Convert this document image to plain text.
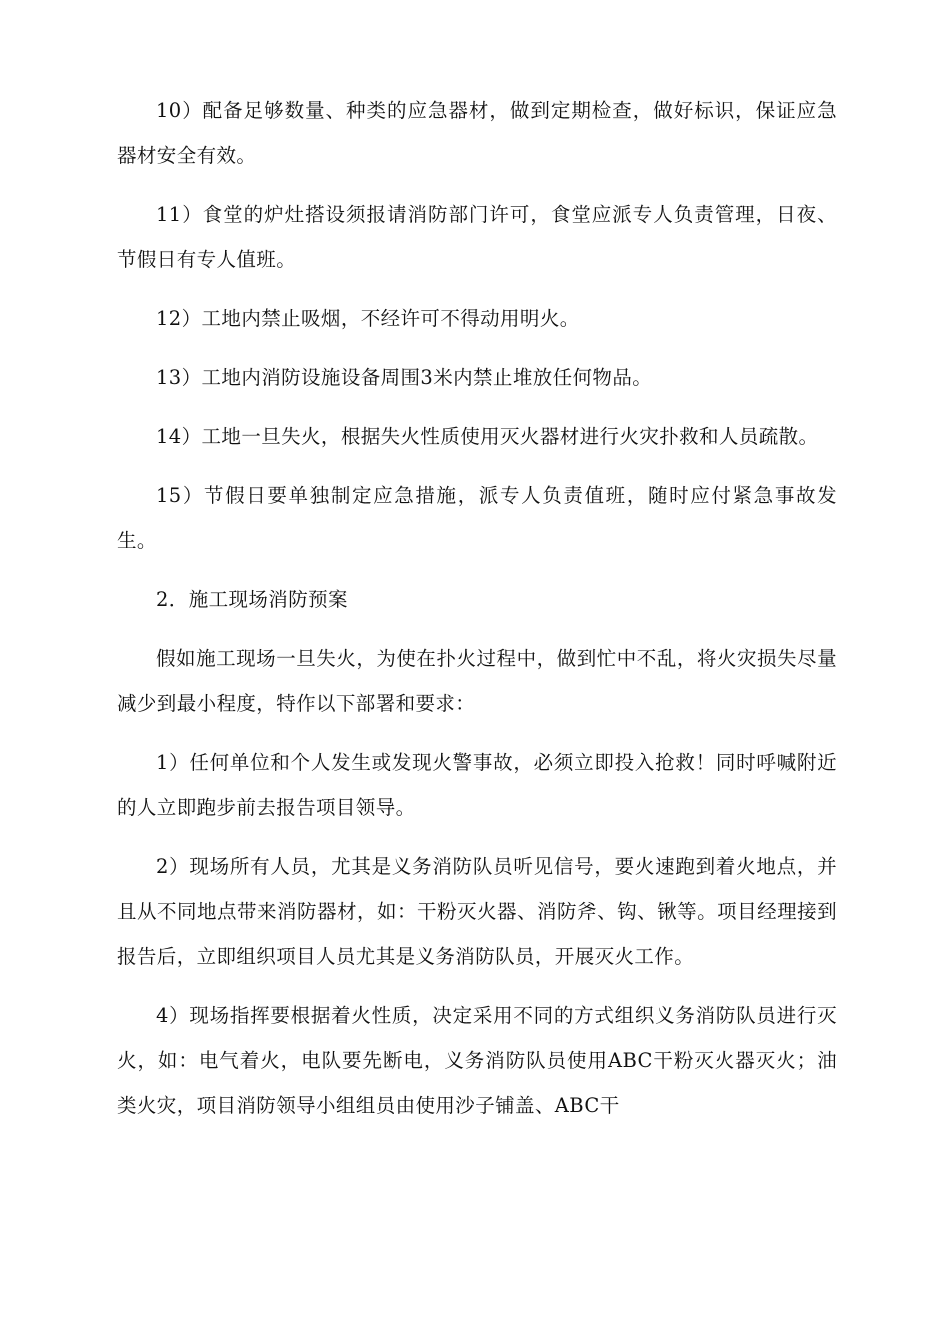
10）配备足够数量、种类的应急器材，做到定期检查，做好标识，保证应急器材安全有效。

11）食堂的炉灶搭设须报请消防部门许可，食堂应派专人负责管理，日夜、节假日有专人值班。

12）工地内禁止吸烟，不经许可不得动用明火。

13）工地内消防设施设备周围3米内禁止堆放任何物品。

14）工地一旦失火，根据失火性质使用灭火器材进行火灾扑救和人员疏散。

15）节假日要单独制定应急措施，派专人负责值班，随时应付紧急事故发生。

2．施工现场消防预案

假如施工现场一旦失火，为使在扑火过程中，做到忙中不乱，将火灾损失尽量减少到最小程度，特作以下部署和要求：

1）任何单位和个人发生或发现火警事故，必须立即投入抢救！同时呼喊附近的人立即跑步前去报告项目领导。

2）现场所有人员，尤其是义务消防队员听见信号，要火速跑到着火地点，并且从不同地点带来消防器材，如：干粉灭火器、消防斧、钩、锹等。项目经理接到报告后，立即组织项目人员尤其是义务消防队员，开展灭火工作。

4）现场指挥要根据着火性质，决定采用不同的方式组织义务消防队员进行灭火，如：电气着火，电队要先断电，义务消防队员使用ABC干粉灭火器灭火；油类火灾，项目消防领导小组组员由使用沙子铺盖、ABC干
